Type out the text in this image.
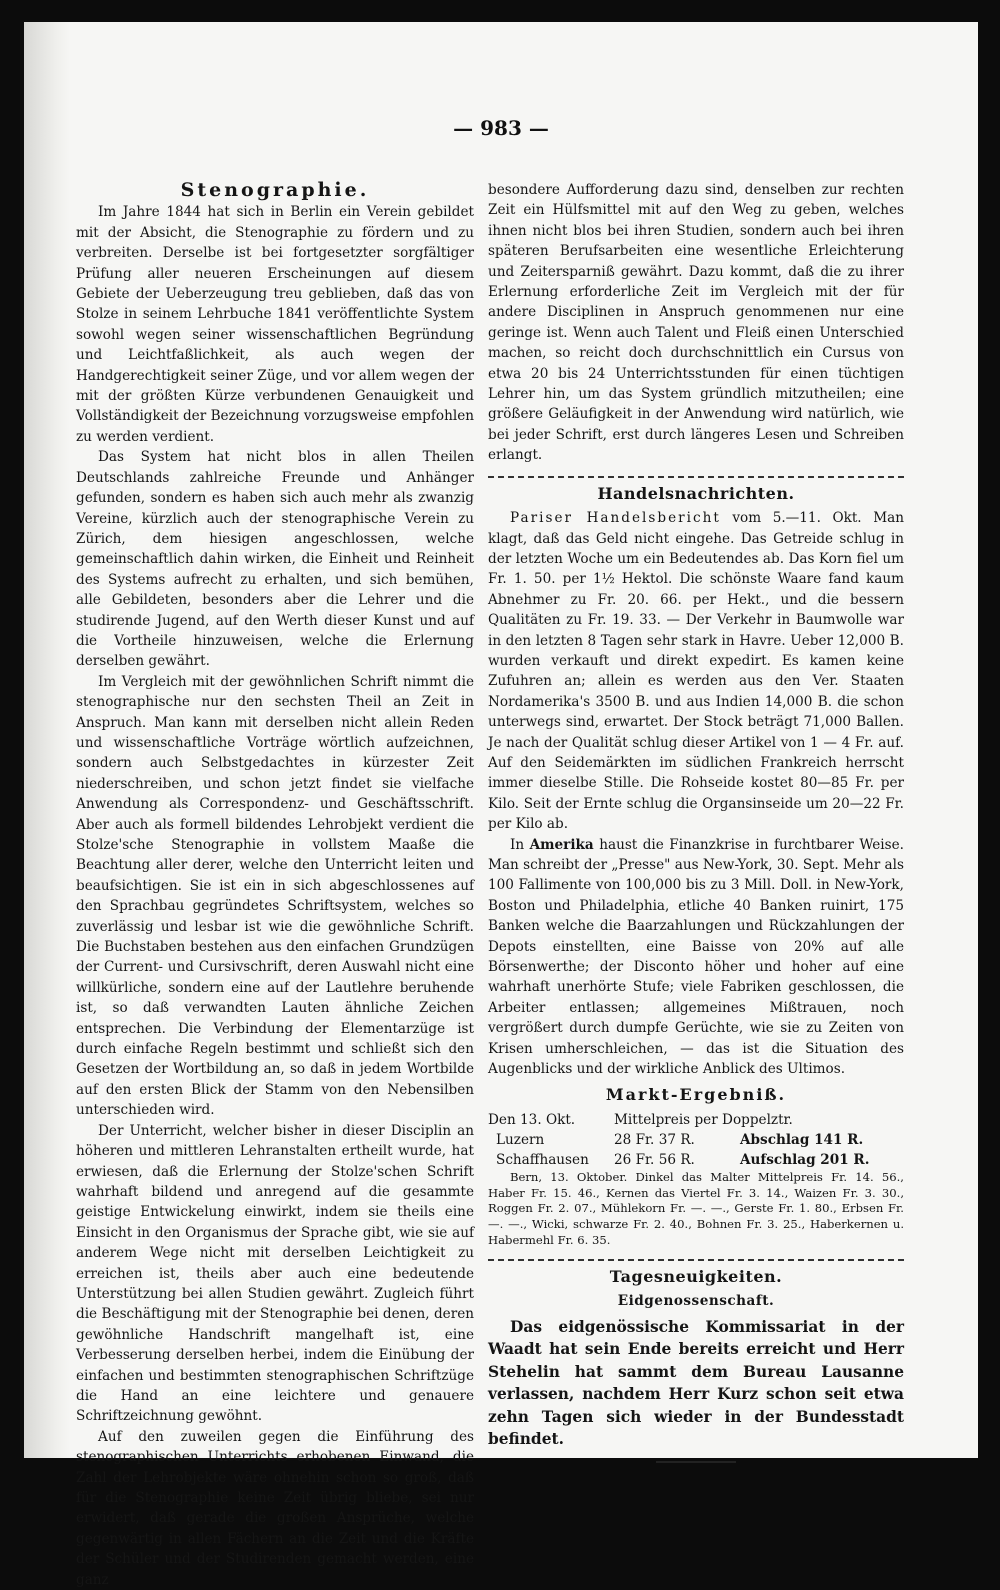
— 983 —
Stenographie.

Im Jahre 1844 hat sich in Berlin ein Verein gebildet mit der Absicht, die Stenographie zu fördern und zu verbreiten. Derselbe ist bei fortgesetzter sorgfältiger Prüfung aller neueren Erscheinungen auf diesem Gebiete der Ueberzeugung treu geblieben, daß das von Stolze in seinem Lehrbuche 1841 veröffentlichte System sowohl wegen seiner wissenschaftlichen Begründung und Leichtfaßlichkeit, als auch wegen der Handgerechtigkeit seiner Züge, und vor allem wegen der mit der größten Kürze verbundenen Genauigkeit und Vollständigkeit der Bezeichnung vorzugsweise empfohlen zu werden verdient.

Das System hat nicht blos in allen Theilen Deutschlands zahlreiche Freunde und Anhänger gefunden, sondern es haben sich auch mehr als zwanzig Vereine, kürzlich auch der stenographische Verein zu Zürich, dem hiesigen angeschlossen, welche gemeinschaftlich dahin wirken, die Einheit und Reinheit des Systems aufrecht zu erhalten, und sich bemühen, alle Gebildeten, besonders aber die Lehrer und die studirende Jugend, auf den Werth dieser Kunst und auf die Vortheile hinzuweisen, welche die Erlernung derselben gewährt.

Im Vergleich mit der gewöhnlichen Schrift nimmt die stenographische nur den sechsten Theil an Zeit in Anspruch. Man kann mit derselben nicht allein Reden und wissenschaftliche Vorträge wörtlich aufzeichnen, sondern auch Selbstgedachtes in kürzester Zeit niederschreiben, und schon jetzt findet sie vielfache Anwendung als Correspondenz- und Geschäftsschrift. Aber auch als formell bildendes Lehrobjekt verdient die Stolze'sche Stenographie in vollstem Maaße die Beachtung aller derer, welche den Unterricht leiten und beaufsichtigen. Sie ist ein in sich abgeschlossenes auf den Sprachbau gegründetes Schriftsystem, welches so zuverlässig und lesbar ist wie die gewöhnliche Schrift. Die Buchstaben bestehen aus den einfachen Grundzügen der Current- und Cursivschrift, deren Auswahl nicht eine willkürliche, sondern eine auf der Lautlehre beruhende ist, so daß verwandten Lauten ähnliche Zeichen entsprechen. Die Verbindung der Elementarzüge ist durch einfache Regeln bestimmt und schließt sich den Gesetzen der Wortbildung an, so daß in jedem Wortbilde auf den ersten Blick der Stamm von den Nebensilben unterschieden wird.

Der Unterricht, welcher bisher in dieser Disciplin an höheren und mittleren Lehranstalten ertheilt wurde, hat erwiesen, daß die Erlernung der Stolze'schen Schrift wahrhaft bildend und anregend auf die gesammte geistige Entwickelung einwirkt, indem sie theils eine Einsicht in den Organismus der Sprache gibt, wie sie auf anderem Wege nicht mit derselben Leichtigkeit zu erreichen ist, theils aber auch eine bedeutende Unterstützung bei allen Studien gewährt. Zugleich führt die Beschäftigung mit der Stenographie bei denen, deren gewöhnliche Handschrift mangelhaft ist, eine Verbesserung derselben herbei, indem die Einübung der einfachen und bestimmten stenographischen Schriftzüge die Hand an eine leichtere und genauere Schriftzeichnung gewöhnt.

Auf den zuweilen gegen die Einführung des stenographischen Unterrichts erhobenen Einwand, die Zahl der Lehrobjekte wäre ohnehin schon so groß, daß für die Stenographie keine Zeit übrig bliebe, sei nur erwidert, daß gerade die großen Ansprüche, welche gegenwärtig in allen Fächern an die Zeit und die Kräfte der Schüler und der Studirenden gemacht werden, eine ganz

besondere Aufforderung dazu sind, denselben zur rechten Zeit ein Hülfsmittel mit auf den Weg zu geben, welches ihnen nicht blos bei ihren Studien, sondern auch bei ihren späteren Berufsarbeiten eine wesentliche Erleichterung und Zeitersparniß gewährt. Dazu kommt, daß die zu ihrer Erlernung erforderliche Zeit im Vergleich mit der für andere Disciplinen in Anspruch genommenen nur eine geringe ist. Wenn auch Talent und Fleiß einen Unterschied machen, so reicht doch durchschnittlich ein Cursus von etwa 20 bis 24 Unterrichtsstunden für einen tüchtigen Lehrer hin, um das System gründlich mitzutheilen; eine größere Geläufigkeit in der Anwendung wird natürlich, wie bei jeder Schrift, erst durch längeres Lesen und Schreiben erlangt.

Handelsnachrichten.

Pariser Handelsbericht vom 5.—11. Okt. Man klagt, daß das Geld nicht eingehe. Das Getreide schlug in der letzten Woche um ein Bedeutendes ab. Das Korn fiel um Fr. 1. 50. per 1½ Hektol. Die schönste Waare fand kaum Abnehmer zu Fr. 20. 66. per Hekt., und die bessern Qualitäten zu Fr. 19. 33. — Der Verkehr in Baumwolle war in den letzten 8 Tagen sehr stark in Havre. Ueber 12,000 B. wurden verkauft und direkt expedirt. Es kamen keine Zufuhren an; allein es werden aus den Ver. Staaten Nordamerika's 3500 B. und aus Indien 14,000 B. die schon unterwegs sind, erwartet. Der Stock beträgt 71,000 Ballen. Je nach der Qualität schlug dieser Artikel von 1 — 4 Fr. auf. Auf den Seidemärkten im südlichen Frankreich herrscht immer dieselbe Stille. Die Rohseide kostet 80—85 Fr. per Kilo. Seit der Ernte schlug die Organsinseide um 20—22 Fr. per Kilo ab.

In Amerika haust die Finanzkrise in furchtbarer Weise. Man schreibt der „Presse" aus New-York, 30. Sept. Mehr als 100 Fallimente von 100,000 bis zu 3 Mill. Doll. in New-York, Boston und Philadelphia, etliche 40 Banken ruinirt, 175 Banken welche die Baarzahlungen und Rückzahlungen der Depots einstellten, eine Baisse von 20% auf alle Börsenwerthe; der Disconto höher und hoher auf eine wahrhaft unerhörte Stufe; viele Fabriken geschlossen, die Arbeiter entlassen; allgemeines Mißtrauen, noch vergrößert durch dumpfe Gerüchte, wie sie zu Zeiten von Krisen umherschleichen, — das ist die Situation des Augenblicks und der wirkliche Anblick des Ultimos.

Markt-Ergebniß.
Den 13. Okt.	Mittelpreis per Doppelztr.	
Luzern	28 Fr. 37 R.	Abschlag 141 R.
Schaffhausen	26 Fr. 56 R.	Aufschlag 201 R.

Bern, 13. Oktober. Dinkel das Malter Mittelpreis Fr. 14. 56., Haber Fr. 15. 46., Kernen das Viertel Fr. 3. 14., Waizen Fr. 3. 30., Roggen Fr. 2. 07., Mühlekorn Fr. —. —., Gerste Fr. 1. 80., Erbsen Fr. —. —., Wicki, schwarze Fr. 2. 40., Bohnen Fr. 3. 25., Haberkernen u. Habermehl Fr. 6. 35.

Tagesneuigkeiten.
Eidgenossenschaft.

Das eidgenössische Kommissariat in der Waadt hat sein Ende bereits erreicht und Herr Stehelin hat sammt dem Bureau Lausanne verlassen, nachdem Herr Kurz schon seit etwa zehn Tagen sich wieder in der Bundesstadt befindet.
